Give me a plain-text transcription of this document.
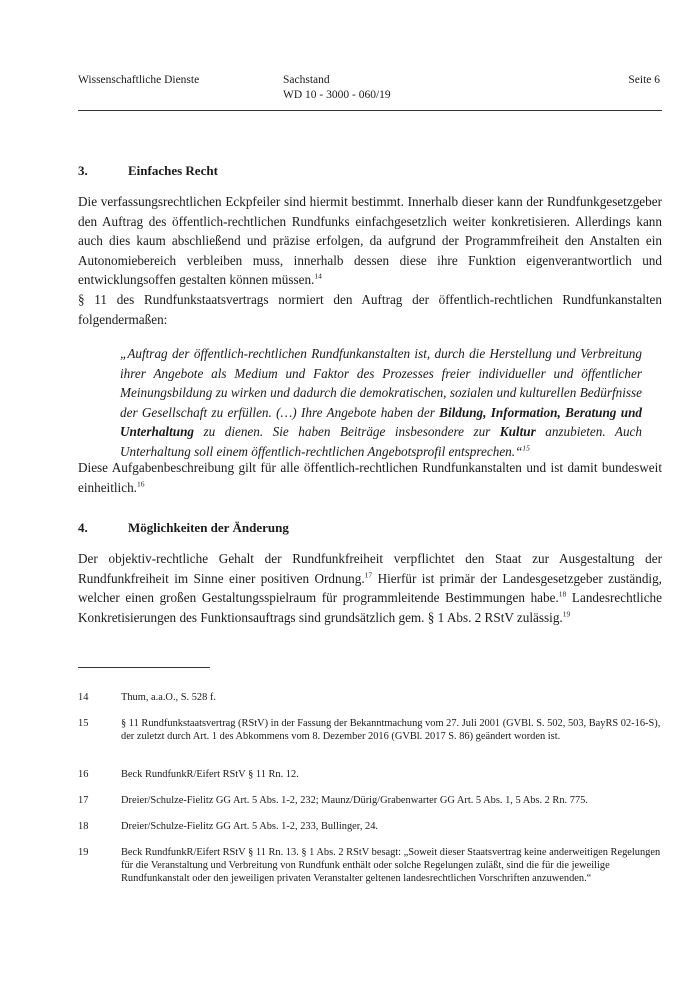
Wissenschaftliche Dienste	Sachstand
WD 10 - 3000 - 060/19
Seite 6
3.	Einfaches Recht
Die verfassungsrechtlichen Eckpfeiler sind hiermit bestimmt. Innerhalb dieser kann der Rundfunkgesetzgeber den Auftrag des öffentlich-rechtlichen Rundfunks einfachgesetzlich weiter konkretisieren. Allerdings kann auch dies kaum abschließend und präzise erfolgen, da aufgrund der Programmfreiheit den Anstalten ein Autonomiebereich verbleiben muss, innerhalb dessen diese ihre Funktion eigenverantwortlich und entwicklungsoffen gestalten können müssen.$^{14}$
§ 11 des Rundfunkstaatsvertrags normiert den Auftrag der öffentlich-rechtlichen Rundfunkanstalten folgendermaßen:
„Auftrag der öffentlich-rechtlichen Rundfunkanstalten ist, durch die Herstellung und Verbreitung ihrer Angebote als Medium und Faktor des Prozesses freier individueller und öffentlicher Meinungsbildung zu wirken und dadurch die demokratischen, sozialen und kulturellen Bedürfnisse der Gesellschaft zu erfüllen. (…) Ihre Angebote haben der Bildung, Information, Beratung und Unterhaltung zu dienen. Sie haben Beiträge insbesondere zur Kultur anzubieten. Auch Unterhaltung soll einem öffentlich-rechtlichen Angebotsprofil entsprechen.“$^{15}$
Diese Aufgabenbeschreibung gilt für alle öffentlich-rechtlichen Rundfunkanstalten und ist damit bundesweit einheitlich.$^{16}$
4.	Möglichkeiten der Änderung
Der objektiv-rechtliche Gehalt der Rundfunkfreiheit verpflichtet den Staat zur Ausgestaltung der Rundfunkfreiheit im Sinne einer positiven Ordnung.$^{17}$ Hierfür ist primär der Landesgesetzgeber zuständig, welcher einen großen Gestaltungsspielraum für programmleitende Bestimmungen habe.$^{18}$ Landesrechtliche Konkretisierungen des Funktionsauftrags sind grundsätzlich gem. § 1 Abs. 2 RStV zulässig.$^{19}$
14	Thum, a.a.O., S. 528 f.
15	§ 11 Rundfunkstaatsvertrag (RStV) in der Fassung der Bekanntmachung vom 27. Juli 2001 (GVBl. S. 502, 503, BayRS 02-16-S), der zuletzt durch Art. 1 des Abkommens vom 8. Dezember 2016 (GVBl. 2017 S. 86) geändert worden ist.
16	Beck RundfunkR/Eifert RStV § 11 Rn. 12.
17	Dreier/Schulze-Fielitz GG Art. 5 Abs. 1-2, 232; Maunz/Dürig/Grabenwarter GG Art. 5 Abs. 1, 5 Abs. 2 Rn. 775.
18	Dreier/Schulze-Fielitz GG Art. 5 Abs. 1-2, 233, Bullinger, 24.
19	Beck RundfunkR/Eifert RStV § 11 Rn. 13. § 1 Abs. 2 RStV besagt: „Soweit dieser Staatsvertrag keine anderweitigen Regelungen für die Veranstaltung und Verbreitung von Rundfunk enthält oder solche Regelungen zuläßt, sind die für die jeweilige Rundfunkanstalt oder den jeweiligen privaten Veranstalter geltenen landesrechtlichen Vorschriften anzuwenden.“
